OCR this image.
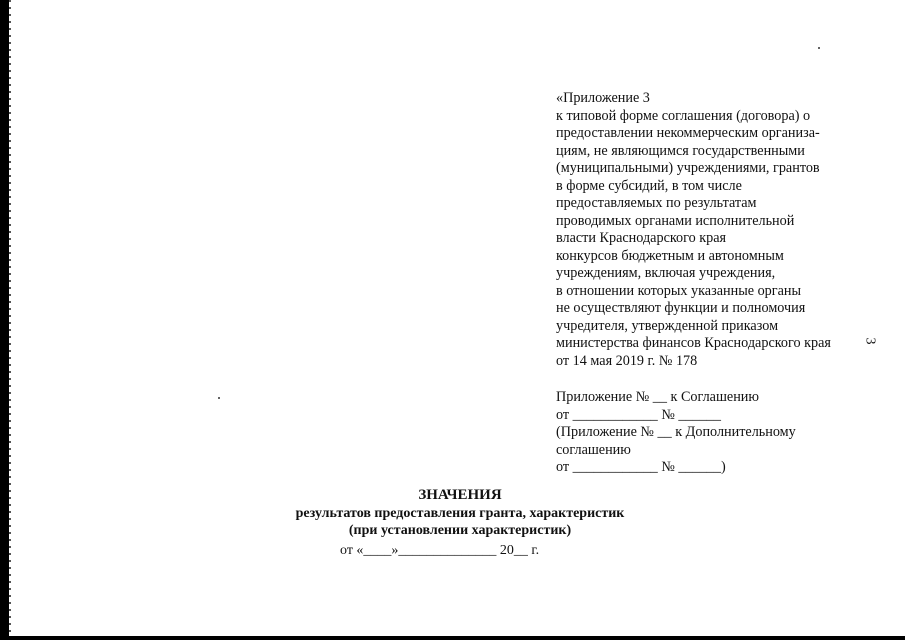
«Приложение 3
к типовой форме соглашения (договора) о
предоставлении некоммерческим организа-
циям, не являющимся государственными
(муниципальными) учреждениями, грантов
в форме субсидий, в том числе
предоставляемых по результатам
проводимых органами исполнительной
власти Краснодарского края
конкурсов бюджетным и автономным
учреждениям, включая учреждения,
в отношении которых указанные органы
не осуществляют функции и полномочия
учредителя, утвержденной приказом
министерства финансов Краснодарского края
от 14 мая 2019 г. № 178
Приложение № __ к Соглашению
от ____________ № ______
(Приложение № __ к Дополнительному
соглашению
от ____________ № ______)
3
ЗНАЧЕНИЯ
результатов предоставления гранта, характеристик
(при установлении характеристик)
от «____»______________ 20__ г.
